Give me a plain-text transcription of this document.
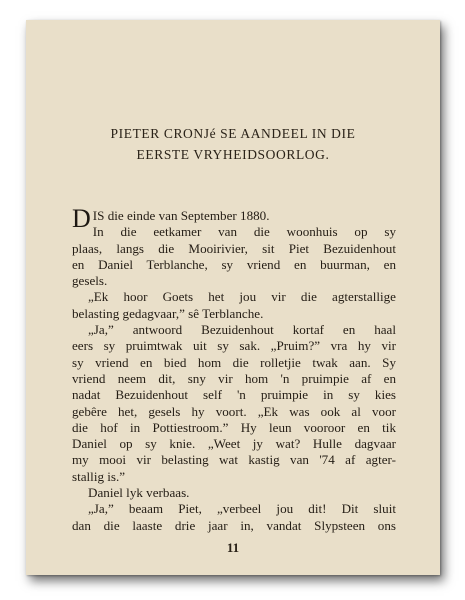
PIETER CRONJé SE AANDEEL IN DIE
EERSTE VRYHEIDSOORLOG.
D IS die einde van September 1880.
In die eetkamer van die woonhuis op sy
plaas, langs die Mooirivier, sit Piet Bezuidenhout
en Daniel Terblanche, sy vriend en buurman, en
gesels.
„Ek hoor Goets het jou vir die agterstallige
belasting gedagvaar,” sê Terblanche.
„Ja,” antwoord Bezuidenhout kortaf en haal
eers sy pruimtwak uit sy sak. „Pruim?” vra hy vir
sy vriend en bied hom die rolletjie twak aan. Sy
vriend neem dit, sny vir hom 'n pruimpie af en
nadat Bezuidenhout self 'n pruimpie in sy kies
gebêre het, gesels hy voort. „Ek was ook al voor
die hof in Pottiestroom.” Hy leun vooroor en tik
Daniel op sy knie. „Weet jy wat? Hulle dagvaar
my mooi vir belasting wat kastig van '74 af agter-
stallig is.”
Daniel lyk verbaas.
„Ja,” beaam Piet, „verbeel jou dit! Dit sluit
dan die laaste drie jaar in, vandat Slypsteen ons
11
